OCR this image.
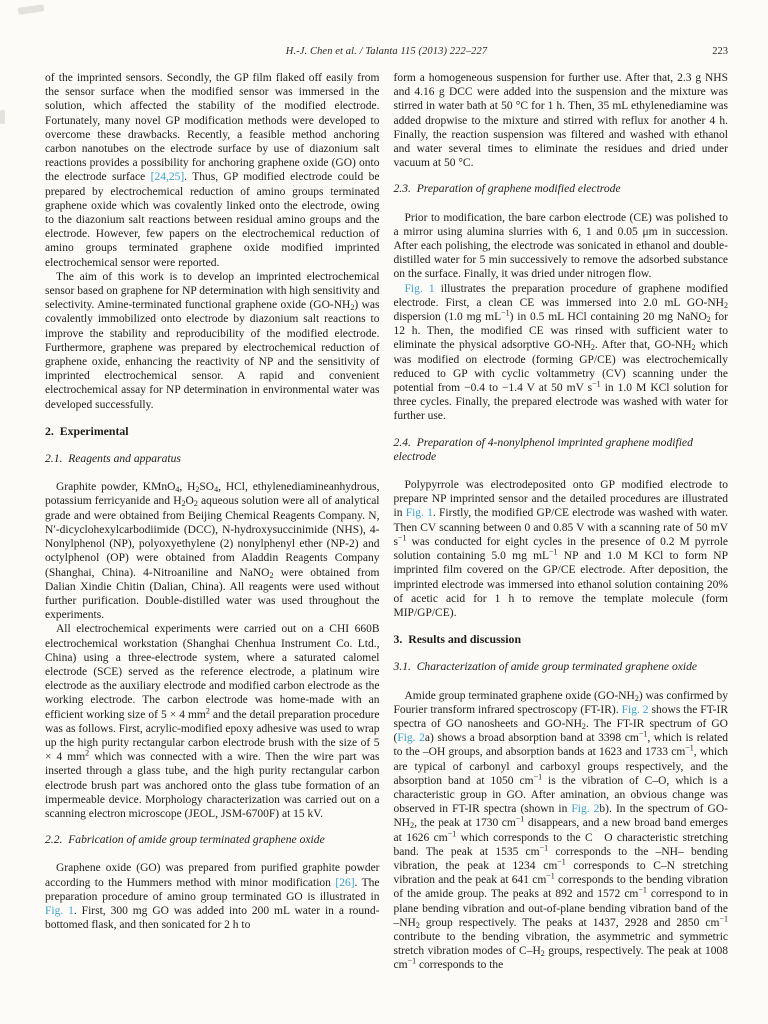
H.-J. Chen et al. / Talanta 115 (2013) 222–227	223
of the imprinted sensors. Secondly, the GP film flaked off easily from the sensor surface when the modified sensor was immersed in the solution, which affected the stability of the modified electrode. Fortunately, many novel GP modification methods were developed to overcome these drawbacks. Recently, a feasible method anchoring carbon nanotubes on the electrode surface by use of diazonium salt reactions provides a possibility for anchoring graphene oxide (GO) onto the electrode surface [24,25]. Thus, GP modified electrode could be prepared by electrochemical reduction of amino groups terminated graphene oxide which was covalently linked onto the electrode, owing to the diazonium salt reactions between residual amino groups and the electrode. However, few papers on the electrochemical reduction of amino groups terminated graphene oxide modified imprinted electrochemical sensor were reported.
The aim of this work is to develop an imprinted electrochemical sensor based on graphene for NP determination with high sensitivity and selectivity. Amine-terminated functional graphene oxide (GO-NH2) was covalently immobilized onto electrode by diazonium salt reactions to improve the stability and reproducibility of the modified electrode. Furthermore, graphene was prepared by electrochemical reduction of graphene oxide, enhancing the reactivity of NP and the sensitivity of imprinted electrochemical sensor. A rapid and convenient electrochemical assay for NP determination in environmental water was developed successfully.
2. Experimental
2.1. Reagents and apparatus
Graphite powder, KMnO4, H2SO4, HCl, ethylenediamineanhydrous, potassium ferricyanide and H2O2 aqueous solution were all of analytical grade and were obtained from Beijing Chemical Reagents Company. N, N′-dicyclohexylcarbodiimide (DCC), N-hydroxysuccinimide (NHS), 4-Nonylphenol (NP), polyoxyethylene (2) nonylphenyl ether (NP-2) and octylphenol (OP) were obtained from Aladdin Reagents Company (Shanghai, China). 4-Nitroaniline and NaNO2 were obtained from Dalian Xindie Chitin (Dalian, China). All reagents were used without further purification. Double-distilled water was used throughout the experiments.
All electrochemical experiments were carried out on a CHI 660B electrochemical workstation (Shanghai Chenhua Instrument Co. Ltd., China) using a three-electrode system, where a saturated calomel electrode (SCE) served as the reference electrode, a platinum wire electrode as the auxiliary electrode and modified carbon electrode as the working electrode. The carbon electrode was home-made with an efficient working size of 5 × 4 $mm^2$ and the detail preparation procedure was as follows. First, acrylic-modified epoxy adhesive was used to wrap up the high purity rectangular carbon electrode brush with the size of 5 × 4 $mm^2$ which was connected with a wire. Then the wire part was inserted through a glass tube, and the high purity rectangular carbon electrode brush part was anchored onto the glass tube formation of an impermeable device. Morphology characterization was carried out on a scanning electron microscope (JEOL, JSM-6700F) at 15 kV.
2.2. Fabrication of amide group terminated graphene oxide
Graphene oxide (GO) was prepared from purified graphite powder according to the Hummers method with minor modification [26]. The preparation procedure of amino group terminated GO is illustrated in Fig. 1. First, 300 mg GO was added into 200 mL water in a round-bottomed flask, and then sonicated for 2 h to
form a homogeneous suspension for further use. After that, 2.3 g NHS and 4.16 g DCC were added into the suspension and the mixture was stirred in water bath at 50 °C for 1 h. Then, 35 mL ethylenediamine was added dropwise to the mixture and stirred with reflux for another 4 h. Finally, the reaction suspension was filtered and washed with ethanol and water several times to eliminate the residues and dried under vacuum at 50 °C.
2.3. Preparation of graphene modified electrode
Prior to modification, the bare carbon electrode (CE) was polished to a mirror using alumina slurries with 6, 1 and 0.05 μm in succession. After each polishing, the electrode was sonicated in ethanol and double-distilled water for 5 min successively to remove the adsorbed substance on the surface. Finally, it was dried under nitrogen flow.
Fig. 1 illustrates the preparation procedure of graphene modified electrode. First, a clean CE was immersed into 2.0 mL GO-NH2 dispersion (1.0 mg $mL^{-1}$) in 0.5 mL HCl containing 20 mg NaNO2 for 12 h. Then, the modified CE was rinsed with sufficient water to eliminate the physical adsorptive GO-NH2. After that, GO-NH2 which was modified on electrode (forming GP/CE) was electrochemically reduced to GP with cyclic voltammetry (CV) scanning under the potential from −0.4 to −1.4 V at 50 mV $s^{-1}$ in 1.0 M KCl solution for three cycles. Finally, the prepared electrode was washed with water for further use.
2.4. Preparation of 4-nonylphenol imprinted graphene modified electrode
Polypyrrole was electrodeposited onto GP modified electrode to prepare NP imprinted sensor and the detailed procedures are illustrated in Fig. 1. Firstly, the modified GP/CE electrode was washed with water. Then CV scanning between 0 and 0.85 V with a scanning rate of 50 mV $s^{-1}$ was conducted for eight cycles in the presence of 0.2 M pyrrole solution containing 5.0 mg $mL^{-1}$ NP and 1.0 M KCl to form NP imprinted film covered on the GP/CE electrode. After deposition, the imprinted electrode was immersed into ethanol solution containing 20% of acetic acid for 1 h to remove the template molecule (form MIP/GP/CE).
3. Results and discussion
3.1. Characterization of amide group terminated graphene oxide
Amide group terminated graphene oxide (GO-NH2) was confirmed by Fourier transform infrared spectroscopy (FT-IR). Fig. 2 shows the FT-IR spectra of GO nanosheets and GO-NH2. The FT-IR spectrum of GO (Fig. 2a) shows a broad absorption band at 3398 $cm^{-1}$, which is related to the –OH groups, and absorption bands at 1623 and 1733 $cm^{-1}$, which are typical of carbonyl and carboxyl groups respectively, and the absorption band at 1050 $cm^{-1}$ is the vibration of C–O, which is a characteristic group in GO. After amination, an obvious change was observed in FT-IR spectra (shown in Fig. 2b). In the spectrum of GO-NH2, the peak at 1730 $cm^{-1}$ disappears, and a new broad band emerges at 1626 $cm^{-1}$ which corresponds to the C O characteristic stretching band. The peak at 1535 $cm^{-1}$ corresponds to the –NH– bending vibration, the peak at 1234 $cm^{-1}$ corresponds to C–N stretching vibration and the peak at 641 $cm^{-1}$ corresponds to the bending vibration of the amide group. The peaks at 892 and 1572 $cm^{-1}$ correspond to in plane bending vibration and out-of-plane bending vibration band of the –NH2 group respectively. The peaks at 1437, 2928 and 2850 $cm^{-1}$ contribute to the bending vibration, the asymmetric and symmetric stretch vibration modes of C–H2 groups, respectively. The peak at 1008 $cm^{-1}$ corresponds to the
